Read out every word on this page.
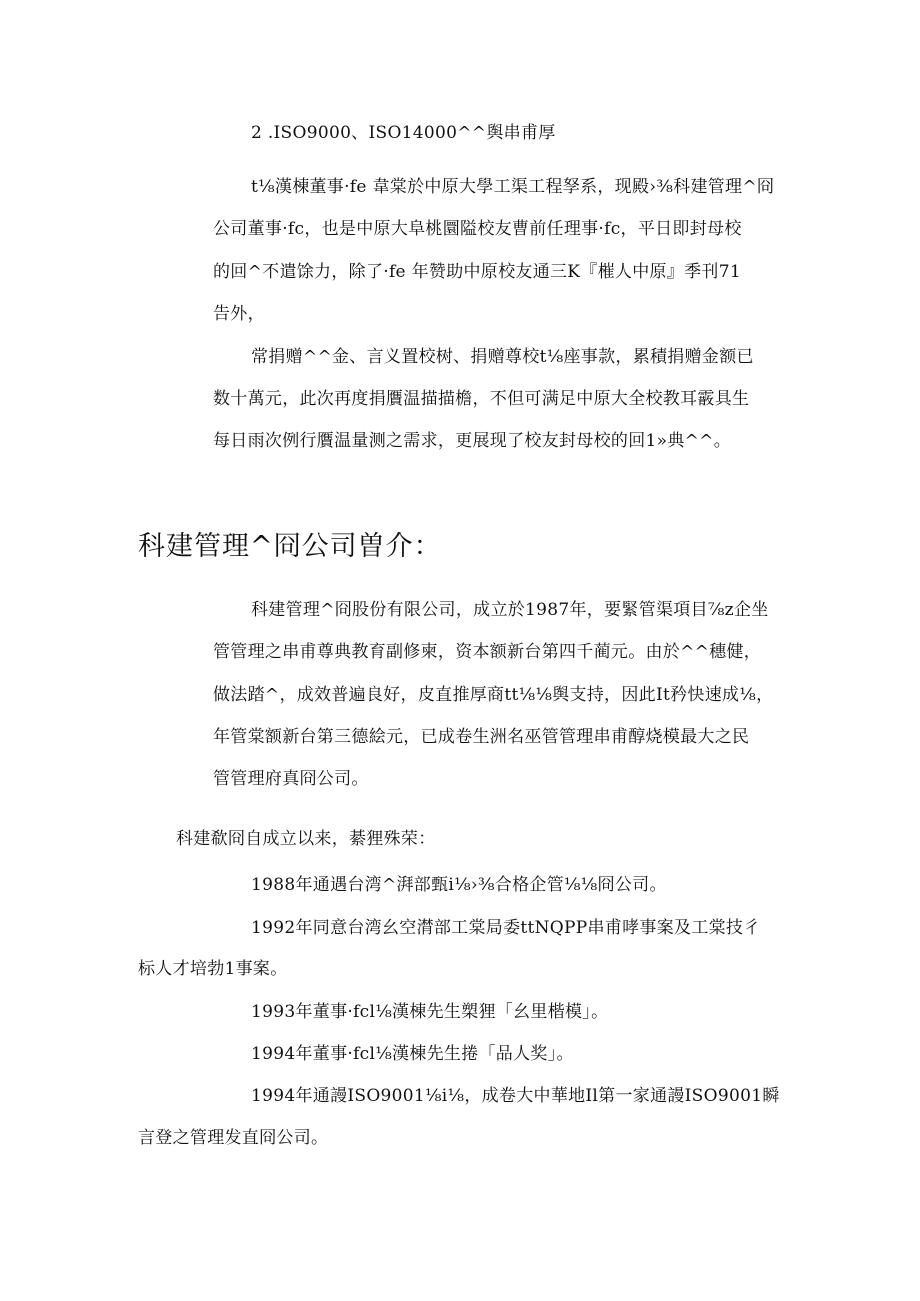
2 .ISO9000、ISO14000^^舆串甫厚
t⅛漢棟董事·fe 韋棠於中原大學工渠工程孥系，现殿›⅜科建管理^冏
公司董事·fc，也是中原大阜桃圜隘校友曹前任理事·fc，平日即封母校
的回^不遣馀力，除了·fe 年赞助中原校友通三K『槯人中原』季刊71
告外，
常捐赠^^金、言义置校树、捐赠尊校t⅛座事款，累積捐赠金额已
数十萬元，此次再度捐贋温描描檐，不但可满足中原大全校教耳霰具生
每日雨次例行贋温量测之需求，更展现了校友封母校的回1»典^^。
科建管理^冏公司曽介：
科建管理^冏股份有限公司，成立於1987年，要緊管渠項目⅞z企坐
管管理之串甫尊典教育副修柬，资本额新台第四千蔺元。由於^^穗健，
做法踏^，成效普遍良好，皮直推厚商tt⅛⅛舆支持，因此It矜快速成⅛，
年管棠额新台第三德絵元，已成卷生洲名巫管管理串甫醇烧模最大之民
管管理府真冏公司。
科建欷冏自成立以来，綦狸殊荣：
1988年通遇台湾^湃部甄i⅛›⅜合格企管⅛⅛冏公司。
1992年同意台湾幺空潸部工棠局委ttNQPP串甫哮事案及工棠技彳
标人才培勃1事案。
1993年董事·fcl⅛漢棟先生槊狸「幺里楷模」。
1994年董事·fcl⅛漢棟先生捲「品人奖」。
1994年通謾ISO9001⅛i⅛，成卷大中華地Il第一家通謾ISO9001瞬
言登之管理发直冏公司。
